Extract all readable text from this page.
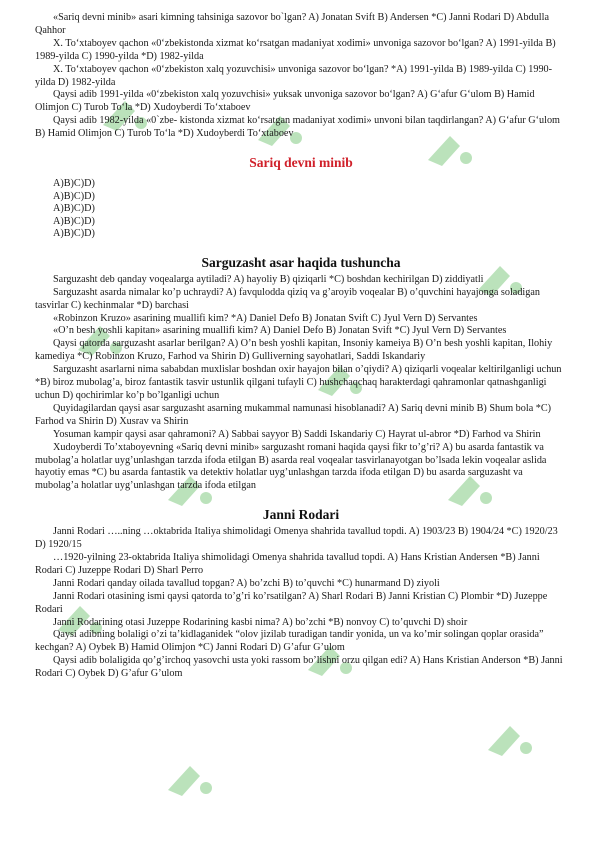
«Sariq devni minib» asari kimning tahsiniga sazovor bo`lgan? A) Jonatan Svift B) Andersen *C) Janni Rodari D) Abdulla Qahhor

X. To‘xtaboyev qachon «0‘zbekistonda xizmat ko‘rsatgan madaniyat xodimi» unvoniga sazovor bo‘lgan? A) 1991-yilda B) 1989-yilda C) 1990-yilda *D) 1982-yilda

X. To‘xtaboyev qachon «0‘zbekiston xalq yozuvchisi» unvoniga sazovor bo‘lgan? *A) 1991-yilda B) 1989-yilda C) 1990-yilda D) 1982-yilda

Qaysi adib 1991-yilda «0‘zbekiston xalq yozuvchisi» yuksak unvoniga sazovor bo‘lgan? A) G‘afur G‘ulom B) Hamid Olimjon C) Turob To‘la *D) Xudoyberdi To‘xtaboev

Qaysi adib 1982-yilda «0`zbe- kistonda xizmat ko‘rsatgan madaniyat xodimi» unvoni bilan taqdirlangan? A) G‘afur G‘ulom B) Hamid Olimjon C) Turob To‘la *D) Xudoyberdi To‘xtaboev

Sariq devni minib

A)B)C)D)

A)B)C)D)

A)B)C)D)

A)B)C)D)

A)B)C)D)

Sarguzasht asar haqida tushuncha

Sarguzasht deb qanday voqealarga aytiladi? A) hayoliy B) qiziqarli *C) boshdan kechirilgan D) ziddiyatli

Sarguzasht asarda nimalar ko’p uchraydi? A) favqulodda qiziq va g’aroyib voqealar B) o’quvchini hayajonga soladigan tasvirlar C) kechinmalar *D) barchasi

«Robinzon Kruzo» asarining muallifi kim? *A) Daniel Defo B) Jonatan Svift C) Jyul Vern D) Servantes

«O’n besh yoshli kapitan» asarining muallifi kim? A) Daniel Defo B) Jonatan Svift *C) Jyul Vern D) Servantes

Qaysi qatorda sarguzasht asarlar berilgan? A) O’n besh yoshli kapitan, Insoniy kameiya B) O’n besh yoshli kapitan, Ilohiy kamediya *C) Robinzon Kruzo, Farhod va Shirin D) Gulliverning sayohatlari, Saddi Iskandariy

Sarguzasht asarlarni nima sababdan muxlislar boshdan oxir hayajon bilan o’qiydi? A) qiziqarli voqealar keltirilganligi uchun *B) biroz mubolag’a, biroz fantastik tasvir ustunlik qilgani tufayli C) hushchaqchaq harakterdagi qahramonlar qatnashganligi uchun D) qochirimlar ko’p bo’lganligi uchun

Quyidagilardan qaysi asar sarguzasht asarning mukammal namunasi hisoblanadi? A) Sariq devni minib B) Shum bola *C) Farhod va Shirin D) Xusrav va Shirin

Yosuman kampir qaysi asar qahramoni? A) Sabbai sayyor B) Saddi Iskandariy C) Hayrat ul-abror *D) Farhod va Shirin

Xudoyberdi To’xtaboyevning «Sariq devni minib» sarguzasht romani haqida qaysi fikr to’g’ri? A) bu asarda fantastik va mubolag’a holatlar uyg’unlashgan tarzda ifoda etilgan B) asarda real voqealar tasvirlanayotgan bo’lsada lekin voqealar aslida hayotiy emas *C) bu asarda fantastik va detektiv holatlar uyg’unlashgan tarzda ifoda etilgan D) bu asarda sarguzasht va mubolag’a holatlar uyg’unlashgan tarzda ifoda etilgan

Janni Rodari

Janni Rodari …..ning …oktabrida Italiya shimolidagi Omenya shahrida tavallud topdi. A) 1903/23 B) 1904/24 *C) 1920/23 D) 1920/15

…1920-yilning 23-oktabrida Italiya shimolidagi Omenya shahrida tavallud topdi. A) Hans Kristian Andersen *B) Janni Rodari C) Juzeppe Rodari D) Sharl Perro

Janni Rodari qanday oilada tavallud topgan? A) bo’zchi B) to’quvchi *C) hunarmand D) ziyoli

Janni Rodari otasining ismi qaysi qatorda to’g’ri ko’rsatilgan? A) Sharl Rodari B) Janni Kristian C) Plombir *D) Juzeppe Rodari

Janni Rodarining otasi Juzeppe Rodarining kasbi nima? A) bo’zchi *B) nonvoy C) to’quvchi D) shoir

Qaysi adibning bolaligi o’zi ta’kidlaganidek “olov jizilab turadigan tandir yonida, un va ko’mir solingan qoplar orasida” kechgan? A) Oybek B) Hamid Olimjon *C) Janni Rodari D) G’afur G’ulom

Qaysi adib bolaligida qo’g’irchoq yasovchi usta yoki rassom bo’lishni orzu qilgan edi? A) Hans Kristian Anderson *B) Janni Rodari C) Oybek D) G’afur G’ulom
